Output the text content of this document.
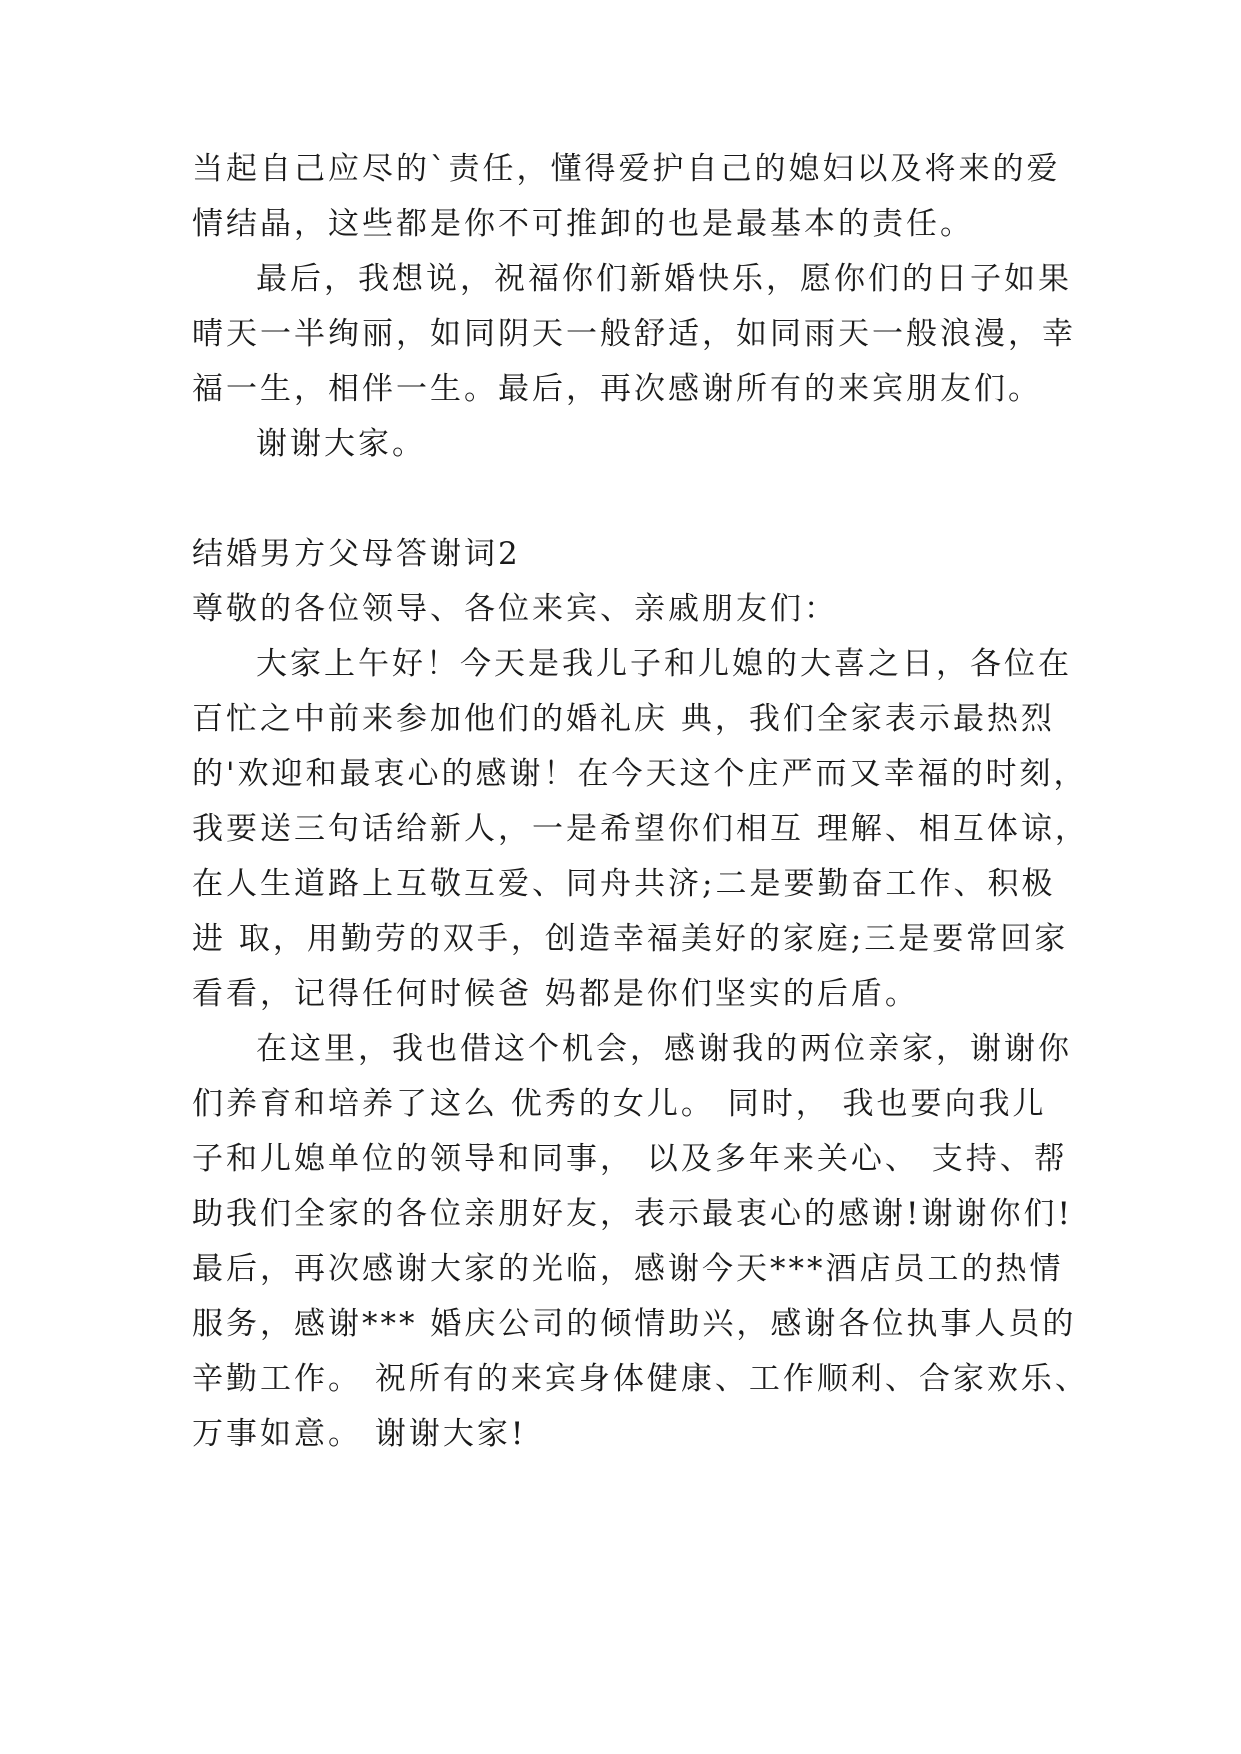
当起自己应尽的`责任，懂得爱护自己的媳妇以及将来的爱
情结晶，这些都是你不可推卸的也是最基本的责任。
最后，我想说，祝福你们新婚快乐，愿你们的日子如果
晴天一半绚丽，如同阴天一般舒适，如同雨天一般浪漫，幸
福一生，相伴一生。最后，再次感谢所有的来宾朋友们。
谢谢大家。
结婚男方父母答谢词2
尊敬的各位领导、各位来宾、亲戚朋友们：
大家上午好！今天是我儿子和儿媳的大喜之日，各位在
百忙之中前来参加他们的婚礼庆 典，我们全家表示最热烈
的'欢迎和最衷心的感谢！在今天这个庄严而又幸福的时刻，
我要送三句话给新人，一是希望你们相互 理解、相互体谅，
在人生道路上互敬互爱、同舟共济;二是要勤奋工作、积极
进 取，用勤劳的双手，创造幸福美好的家庭;三是要常回家
看看，记得任何时候爸 妈都是你们坚实的后盾。
在这里，我也借这个机会，感谢我的两位亲家，谢谢你
们养育和培养了这么 优秀的女儿。 同时， 我也要向我儿
子和儿媳单位的领导和同事， 以及多年来关心、 支持、帮
助我们全家的各位亲朋好友，表示最衷心的感谢!谢谢你们!
最后，再次感谢大家的光临，感谢今天***酒店员工的热情
服务，感谢*** 婚庆公司的倾情助兴，感谢各位执事人员的
辛勤工作。 祝所有的来宾身体健康、工作顺利、合家欢乐、
万事如意。 谢谢大家!
